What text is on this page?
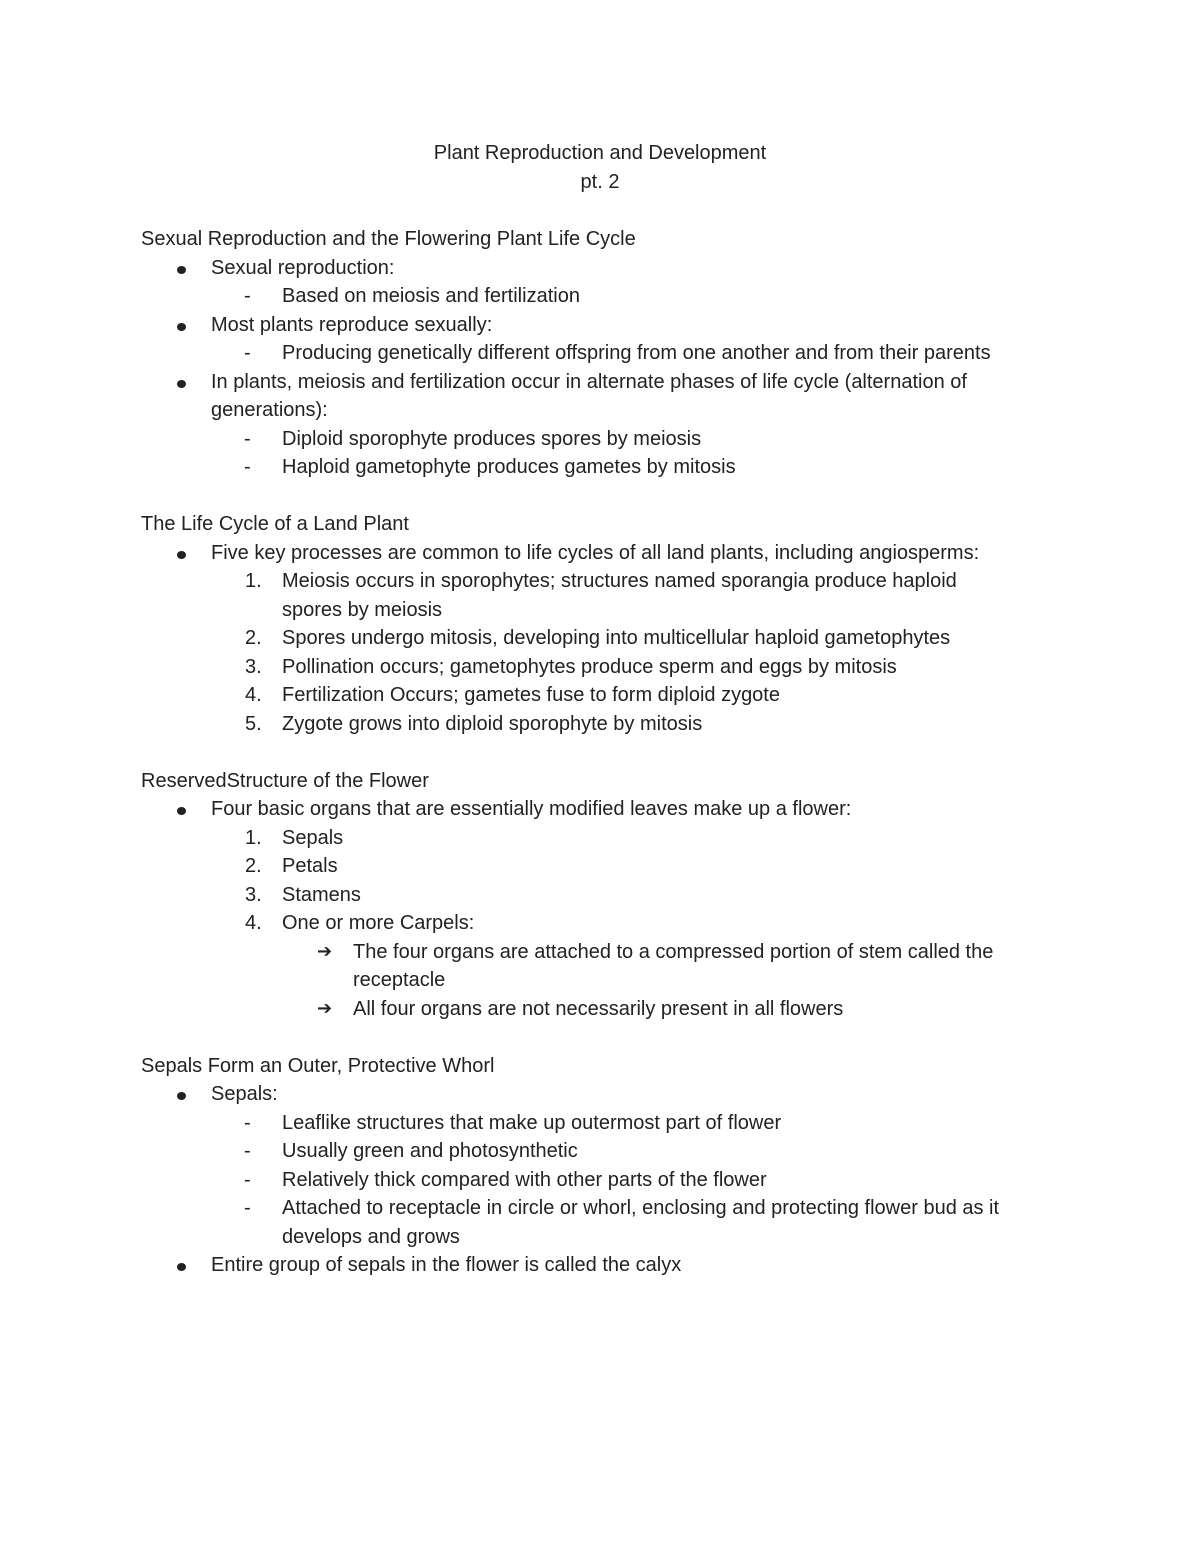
Plant Reproduction and Development
pt. 2
Sexual Reproduction and the Flowering Plant Life Cycle
Sexual reproduction:
- Based on meiosis and fertilization
Most plants reproduce sexually:
- Producing genetically different offspring from one another and from their parents
In plants, meiosis and fertilization occur in alternate phases of life cycle (alternation of
generations):
- Diploid sporophyte produces spores by meiosis
- Haploid gametophyte produces gametes by mitosis
The Life Cycle of a Land Plant
Five key processes are common to life cycles of all land plants, including angiosperms:
1. Meiosis occurs in sporophytes; structures named sporangia produce haploid
spores by meiosis
2. Spores undergo mitosis, developing into multicellular haploid gametophytes
3. Pollination occurs; gametophytes produce sperm and eggs by mitosis
4. Fertilization Occurs; gametes fuse to form diploid zygote
5. Zygote grows into diploid sporophyte by mitosis
ReservedStructure of the Flower
Four basic organs that are essentially modified leaves make up a flower:
1. Sepals
2. Petals
3. Stamens
4. One or more Carpels:
➔ The four organs are attached to a compressed portion of stem called the
receptacle
➔ All four organs are not necessarily present in all flowers
Sepals Form an Outer, Protective Whorl
Sepals:
- Leaflike structures that make up outermost part of flower
- Usually green and photosynthetic
- Relatively thick compared with other parts of the flower
- Attached to receptacle in circle or whorl, enclosing and protecting flower bud as it
develops and grows
Entire group of sepals in the flower is called the calyx
